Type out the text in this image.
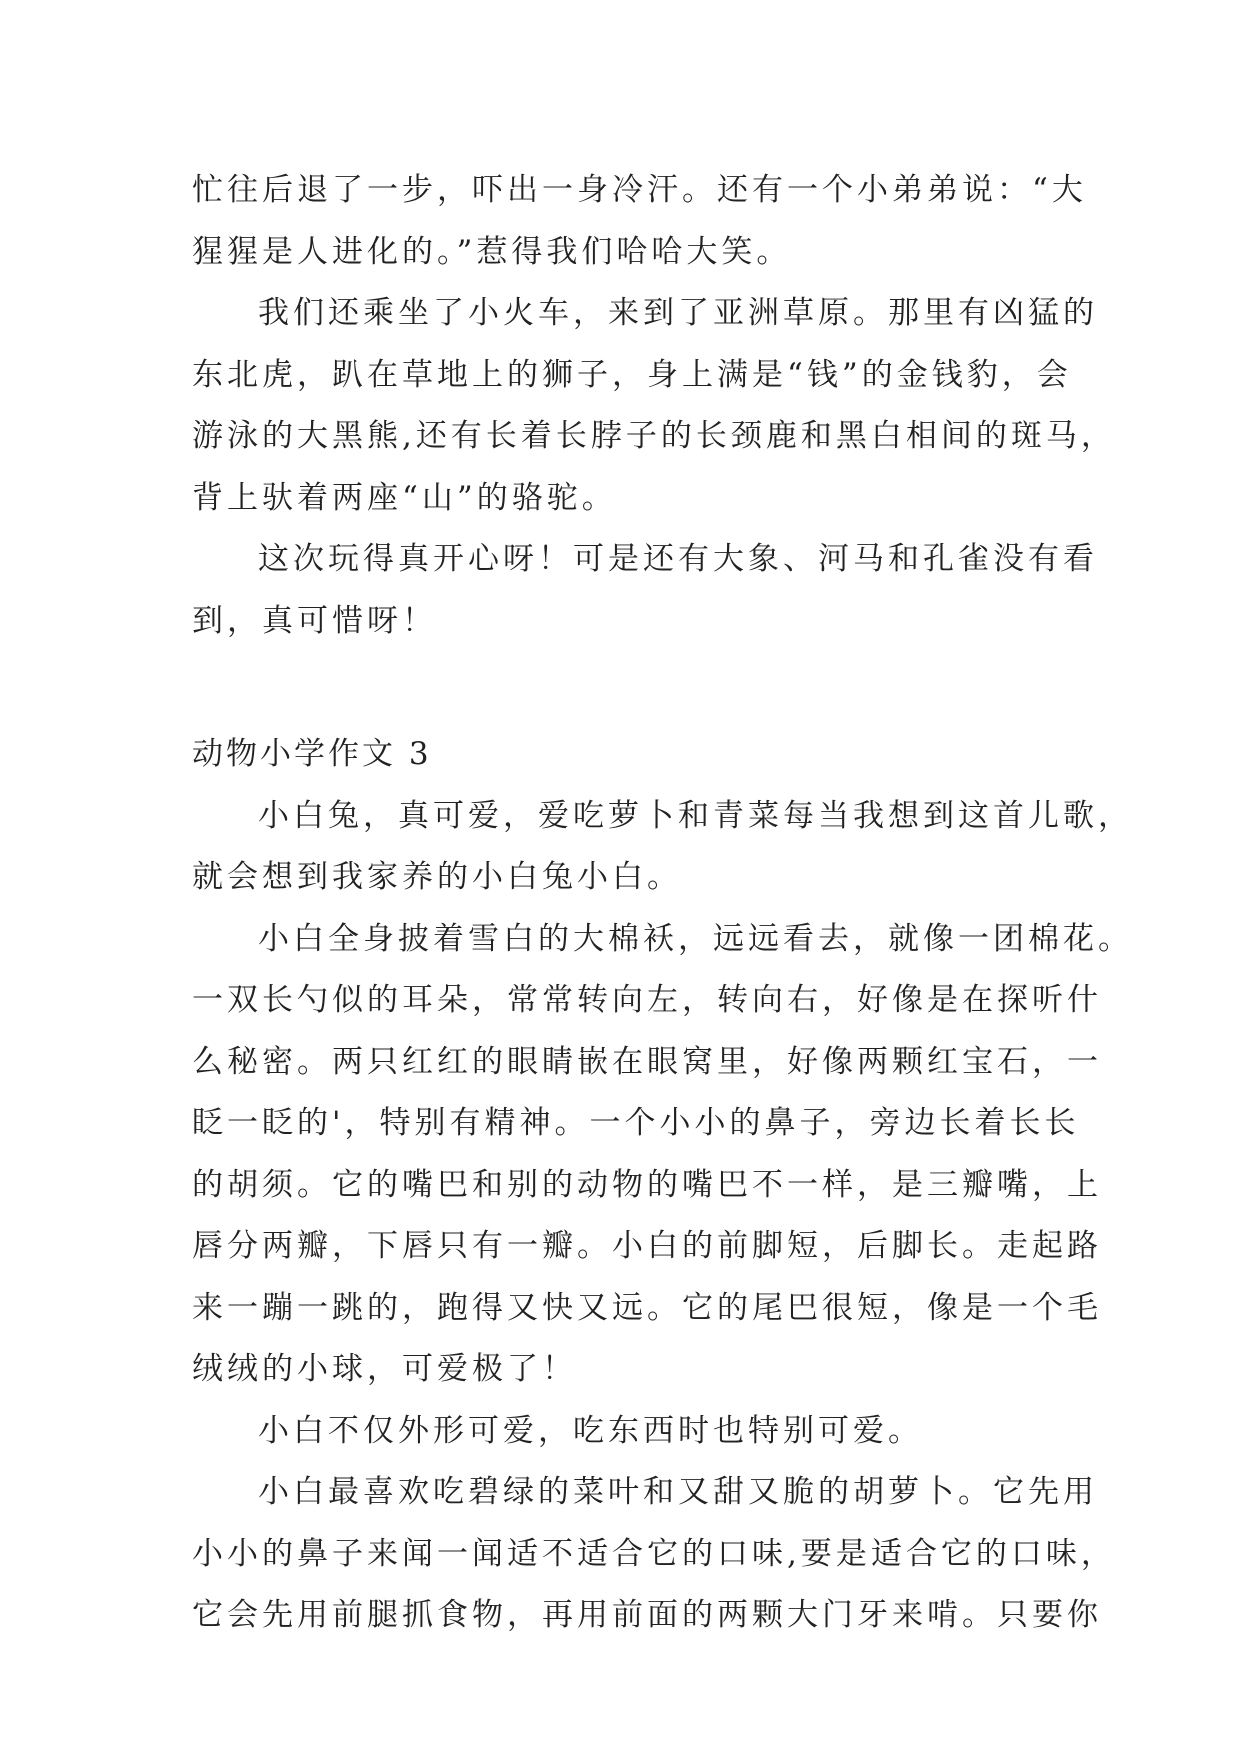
忙往后退了一步，吓出一身冷汗。还有一个小弟弟说：“大
猩猩是人进化的。”惹得我们哈哈大笑。
我们还乘坐了小火车，来到了亚洲草原。那里有凶猛的
东北虎，趴在草地上的狮子，身上满是“钱”的金钱豹，会
游泳的大黑熊,还有长着长脖子的长颈鹿和黑白相间的斑马，
背上驮着两座“山”的骆驼。
这次玩得真开心呀！可是还有大象、河马和孔雀没有看
到，真可惜呀！
动物小学作文 3
小白兔，真可爱，爱吃萝卜和青菜每当我想到这首儿歌，
就会想到我家养的小白兔小白。
小白全身披着雪白的大棉袄，远远看去，就像一团棉花。
一双长勺似的耳朵，常常转向左，转向右，好像是在探听什
么秘密。两只红红的眼睛嵌在眼窝里，好像两颗红宝石，一
眨一眨的'，特别有精神。一个小小的鼻子，旁边长着长长
的胡须。它的嘴巴和别的动物的嘴巴不一样，是三瓣嘴，上
唇分两瓣，下唇只有一瓣。小白的前脚短，后脚长。走起路
来一蹦一跳的，跑得又快又远。它的尾巴很短，像是一个毛
绒绒的小球，可爱极了！
小白不仅外形可爱，吃东西时也特别可爱。
小白最喜欢吃碧绿的菜叶和又甜又脆的胡萝卜。它先用
小小的鼻子来闻一闻适不适合它的口味,要是适合它的口味，
它会先用前腿抓食物，再用前面的两颗大门牙来啃。只要你
